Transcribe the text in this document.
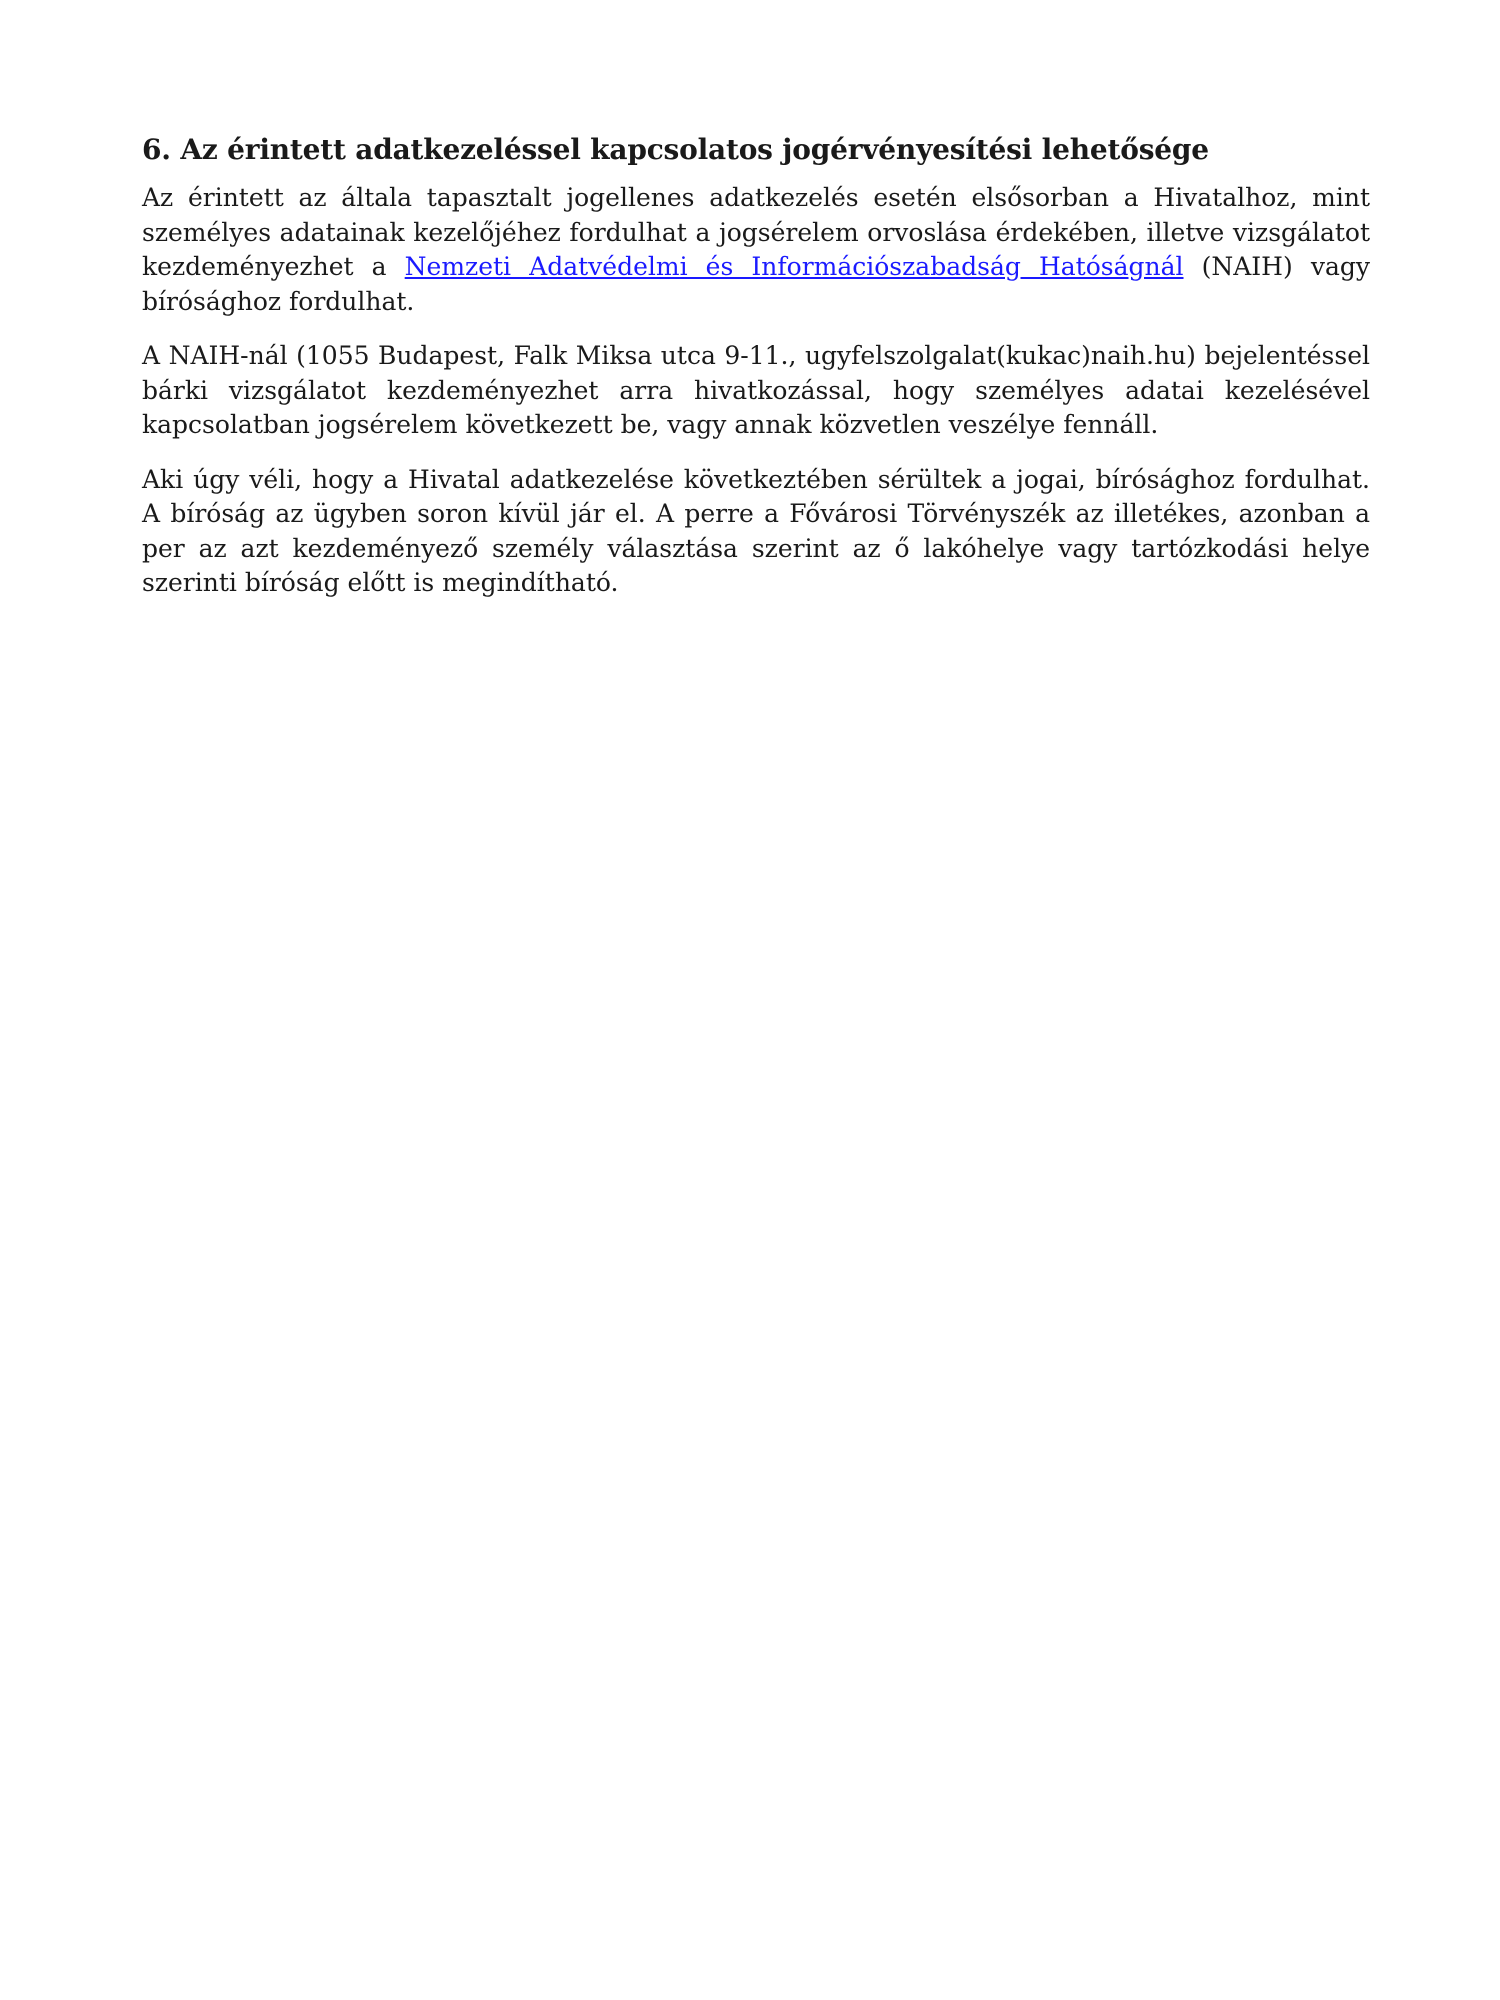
6. Az érintett adatkezeléssel kapcsolatos jogérvényesítési lehetősége

Az érintett az általa tapasztalt jogellenes adatkezelés esetén elsősorban a Hivatalhoz, mint személyes adatainak kezelőjéhez fordulhat a jogsérelem orvoslása érdekében, illetve vizsgálatot kezdeményezhet a Nemzeti Adatvédelmi és Információszabadság Hatóságnál (NAIH) vagy bírósághoz fordulhat.

A NAIH-nál (1055 Budapest, Falk Miksa utca 9-11., ugyfelszolgalat(kukac)naih.hu) bejelentéssel bárki vizsgálatot kezdeményezhet arra hivatkozással, hogy személyes adatai kezelésével kapcsolatban jogsérelem következett be, vagy annak közvetlen veszélye fennáll.

Aki úgy véli, hogy a Hivatal adatkezelése következtében sérültek a jogai, bírósághoz fordulhat. A bíróság az ügyben soron kívül jár el. A perre a Fővárosi Törvényszék az illetékes, azonban a per az azt kezdeményező személy választása szerint az ő lakóhelye vagy tartózkodási helye szerinti bíróság előtt is megindítható.
